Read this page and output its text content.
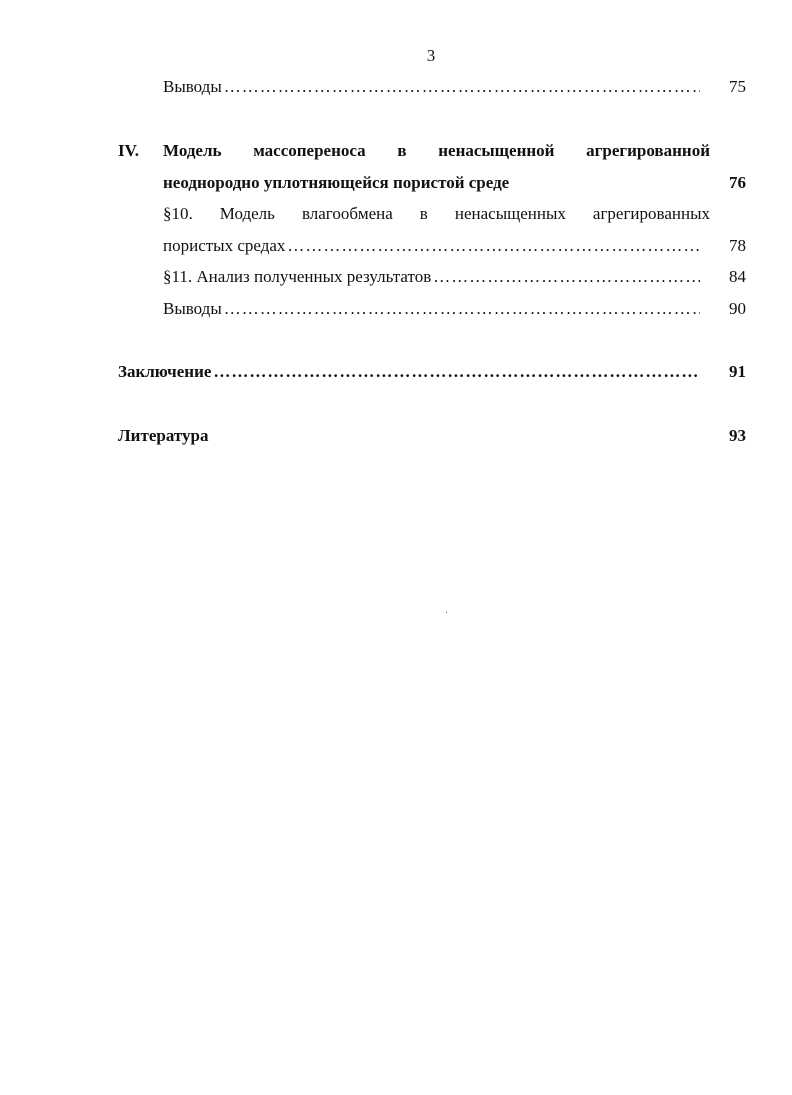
3
Выводы ……………………………………………………………………………………………………………………………………………………………………………	75
IV. Модель массопереноса в ненасыщенной агрегированной
неоднородно уплотняющейся пористой среде	76
§10. Модель влагообмена в ненасыщенных агрегированных
пористых средах ……………………………………………………………………………………………………………………………………………………………………………	78
§11. Анализ полученных результатов ……………………………………………………………………………………………………………………………………………………………………………	84
Выводы ……………………………………………………………………………………………………………………………………………………………………………	90
Заключение ……………………………………………………………………………………………………………………………………………………………………………	91
Литература	93
